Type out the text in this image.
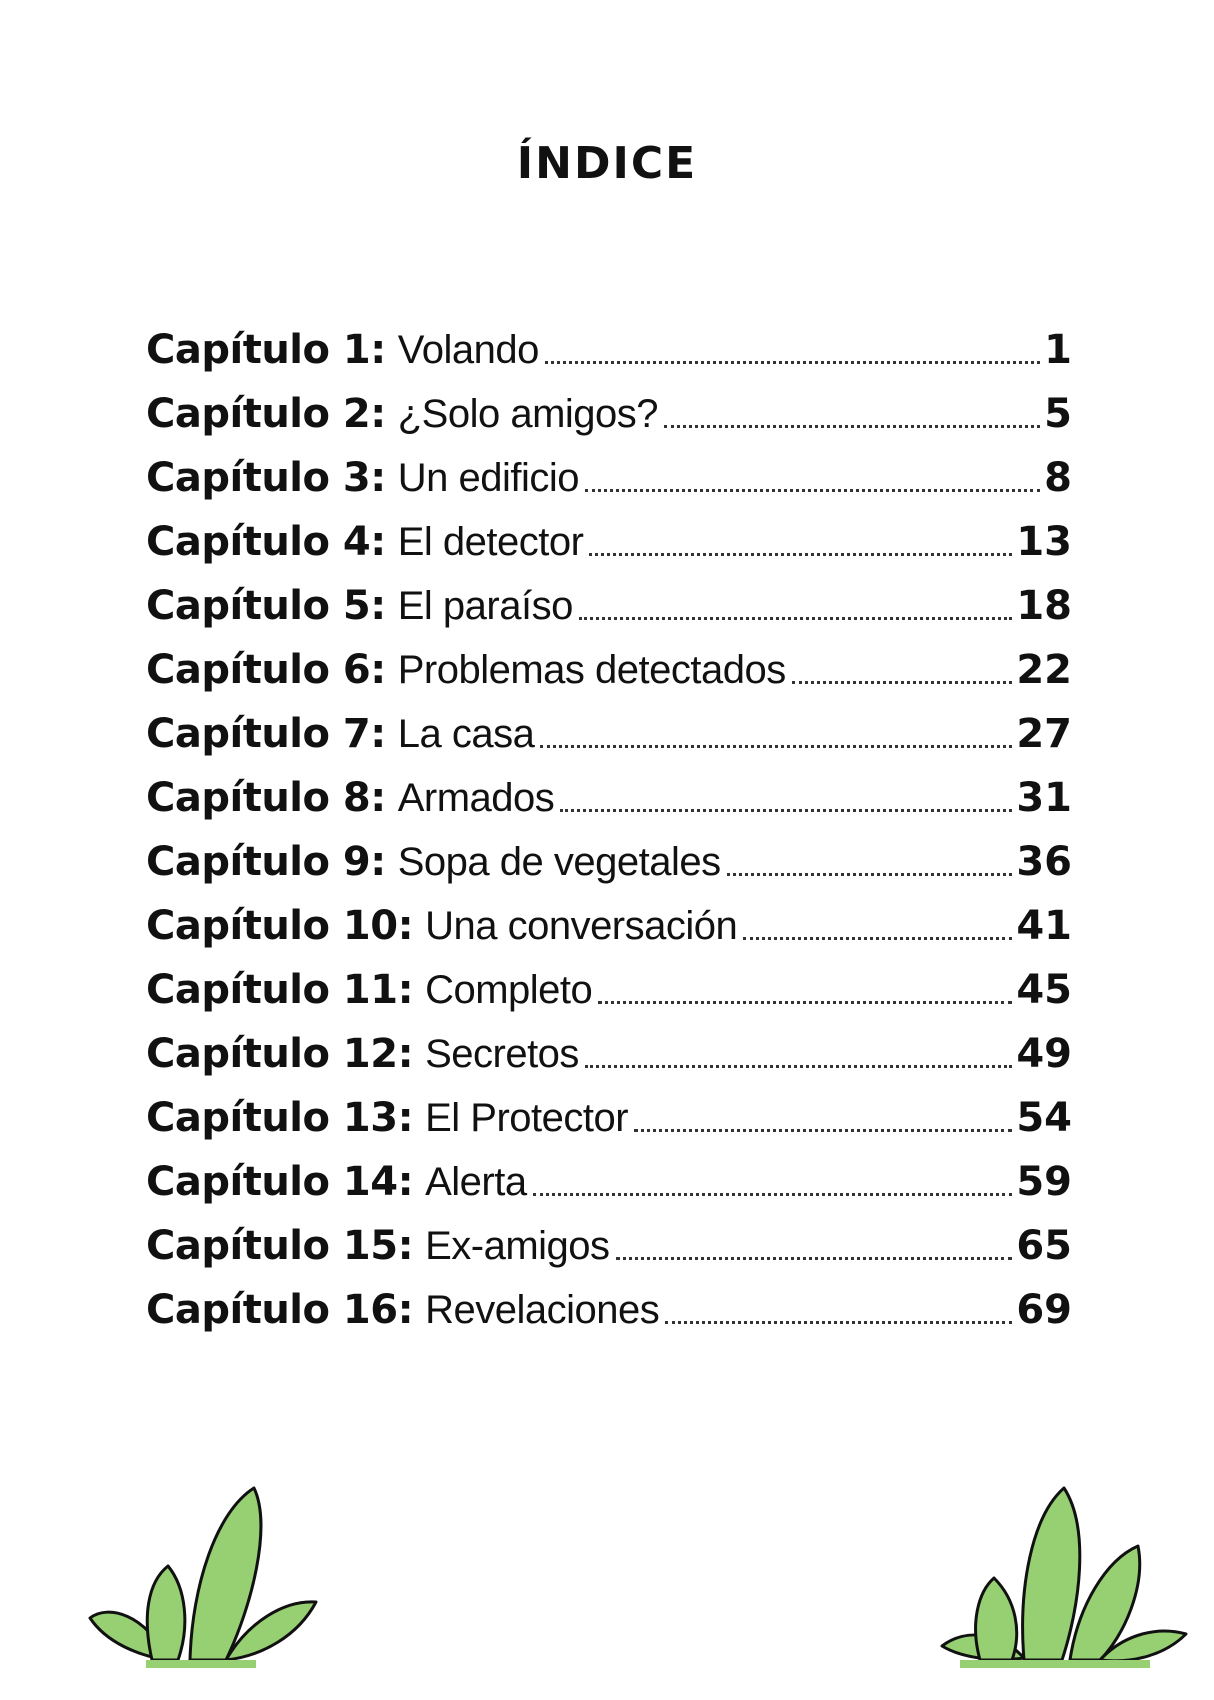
ÍNDICE
Capítulo 1: Volando	1
Capítulo 2: ¿Solo amigos?	5
Capítulo 3: Un edificio	8
Capítulo 4: El detector	13
Capítulo 5: El paraíso	18
Capítulo 6: Problemas detectados	22
Capítulo 7: La casa	27
Capítulo 8: Armados	31
Capítulo 9: Sopa de vegetales	36
Capítulo 10: Una conversación	41
Capítulo 11: Completo	45
Capítulo 12: Secretos	49
Capítulo 13: El Protector	54
Capítulo 14: Alerta	59
Capítulo 15: Ex-amigos	65
Capítulo 16: Revelaciones	69
